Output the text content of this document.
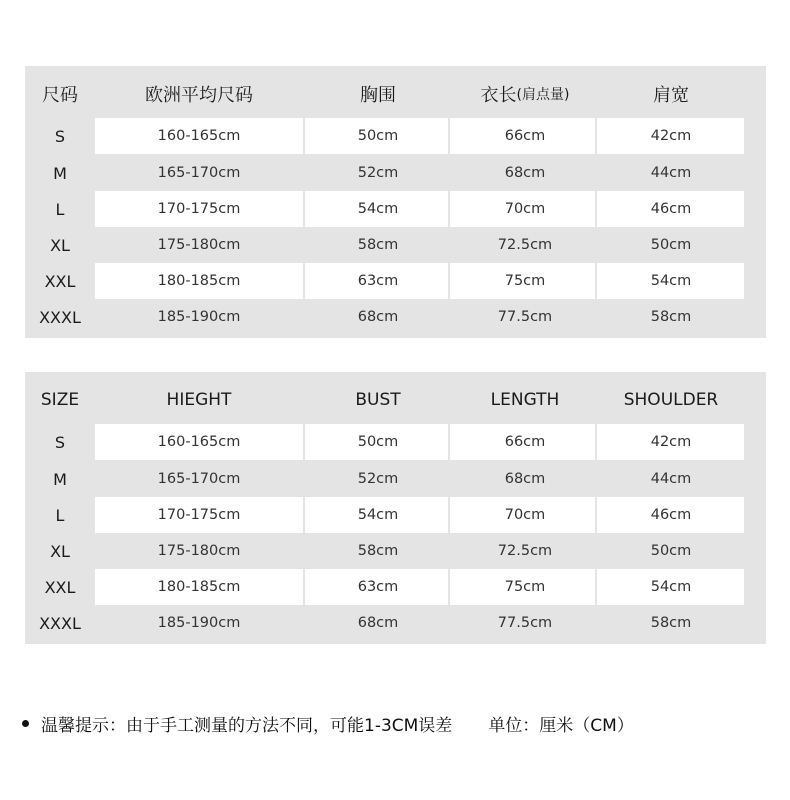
尺码	欧洲平均尺码	胸围	衣长 (肩点量)	肩宽
S	160-165cm	50cm	66cm	42cm
M	165-170cm	52cm	68cm	44cm
L	170-175cm	54cm	70cm	46cm
XL	175-180cm	58cm	72.5cm	50cm
XXL	180-185cm	63cm	75cm	54cm
XXXL	185-190cm	68cm	77.5cm	58cm
SIZE	HIEGHT	BUST	LENGTH	SHOULDER
S	160-165cm	50cm	66cm	42cm
M	165-170cm	52cm	68cm	44cm
L	170-175cm	54cm	70cm	46cm
XL	175-180cm	58cm	72.5cm	50cm
XXL	180-185cm	63cm	75cm	54cm
XXXL	185-190cm	68cm	77.5cm	58cm
温馨提示：由于手工测量的方法不同，可能1-3CM误差 单位：厘米（CM）
